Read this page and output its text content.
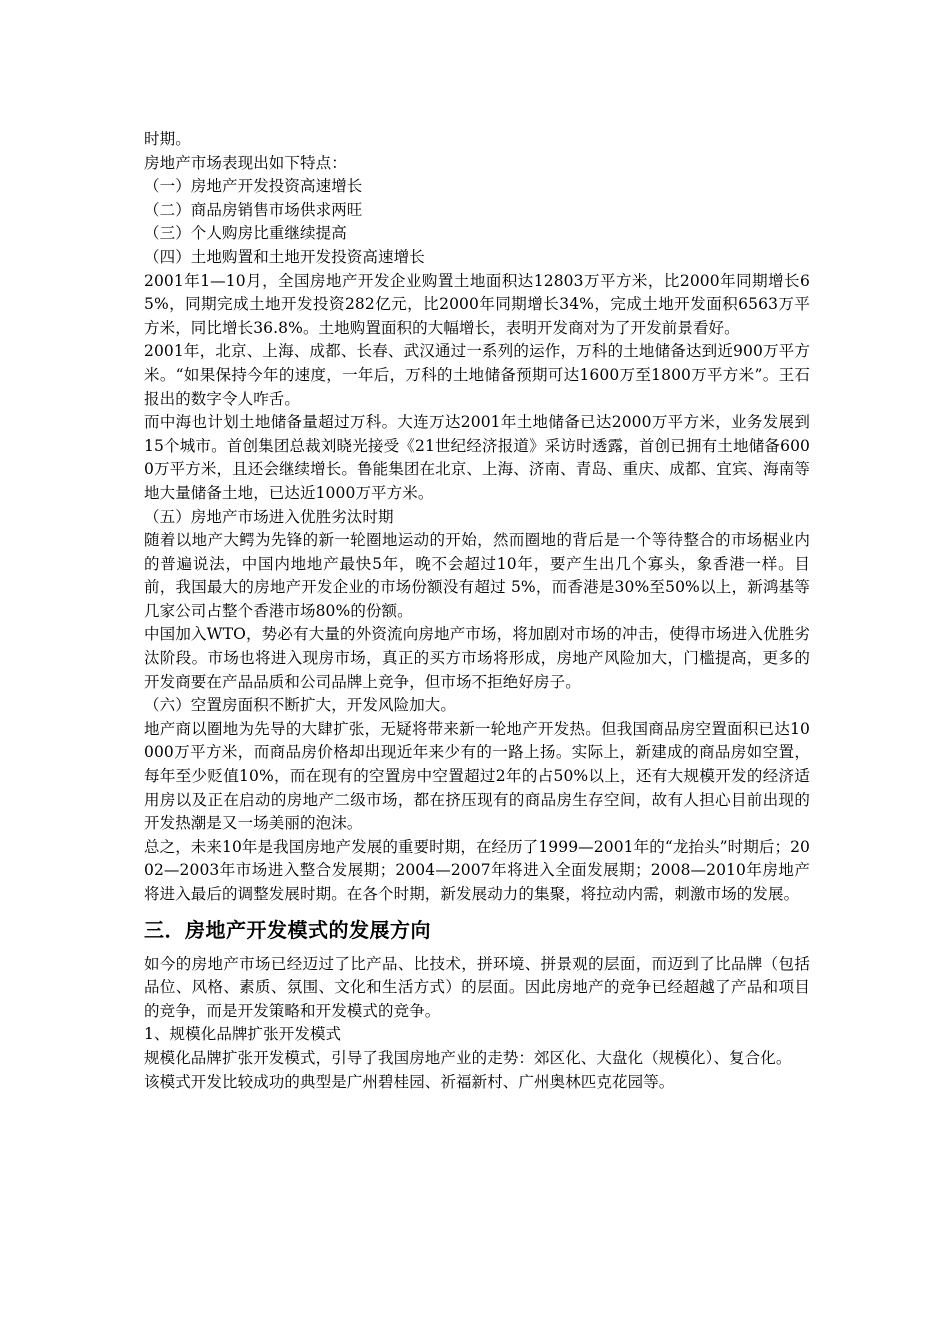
时期。

房地产市场表现出如下特点：

（一）房地产开发投资高速增长

（二）商品房销售市场供求两旺

（三）个人购房比重继续提高

（四）土地购置和土地开发投资高速增长

2001年1—10月，全国房地产开发企业购置土地面积达12803万平方米，比2000年同期增长65%，同期完成土地开发投资282亿元，比2000年同期增长34%，完成土地开发面积6563万平方米，同比增长36.8%。土地购置面积的大幅增长，表明开发商对为了开发前景看好。

2001年，北京、上海、成都、长春、武汉通过一系列的运作，万科的土地储备达到近900万平方米。“如果保持今年的速度，一年后，万科的土地储备预期可达1600万至1800万平方米”。王石报出的数字令人咋舌。

而中海也计划土地储备量超过万科。大连万达2001年土地储备已达2000万平方米，业务发展到15个城市。首创集团总裁刘晓光接受《21世纪经济报道》采访时透露，首创已拥有土地储备6000万平方米，且还会继续增长。鲁能集团在北京、上海、济南、青岛、重庆、成都、宜宾、海南等地大量储备土地，已达近1000万平方米。

（五）房地产市场进入优胜劣汰时期

随着以地产大鳄为先锋的新一轮圈地运动的开始，然而圈地的背后是一个等待整合的市场椐业内的普遍说法，中国内地地产最快5年，晚不会超过10年，要产生出几个寡头，象香港一样。目前，我国最大的房地产开发企业的市场份额没有超过 5%，而香港是30%至50%以上，新鸿基等几家公司占整个香港市场80%的份额。

中国加入WTO，势必有大量的外资流向房地产市场，将加剧对市场的冲击，使得市场进入优胜劣汰阶段。市场也将进入现房市场，真正的买方市场将形成，房地产风险加大，门槛提高，更多的开发商要在产品品质和公司品牌上竞争，但市场不拒绝好房子。

（六）空置房面积不断扩大，开发风险加大。

地产商以圈地为先导的大肆扩张，无疑将带来新一轮地产开发热。但我国商品房空置面积已达10000万平方米，而商品房价格却出现近年来少有的一路上扬。实际上，新建成的商品房如空置，每年至少贬值10%，而在现有的空置房中空置超过2年的占50%以上，还有大规模开发的经济适用房以及正在启动的房地产二级市场，都在挤压现有的商品房生存空间，故有人担心目前出现的开发热潮是又一场美丽的泡沫。

总之，未来10年是我国房地产发展的重要时期，在经历了1999—2001年的“龙抬头”时期后；2002—2003年市场进入整合发展期；2004—2007年将进入全面发展期；2008—2010年房地产将进入最后的调整发展时期。在各个时期，新发展动力的集聚，将拉动内需，刺激市场的发展。

三．房地产开发模式的发展方向

如今的房地产市场已经迈过了比产品、比技术，拼环境、拼景观的层面，而迈到了比品牌（包括品位、风格、素质、氛围、文化和生活方式）的层面。因此房地产的竞争已经超越了产品和项目的竞争，而是开发策略和开发模式的竞争。

1、规模化品牌扩张开发模式

规模化品牌扩张开发模式，引导了我国房地产业的走势：郊区化、大盘化（规模化）、复合化。

该模式开发比较成功的典型是广州碧桂园、祈福新村、广州奥林匹克花园等。
